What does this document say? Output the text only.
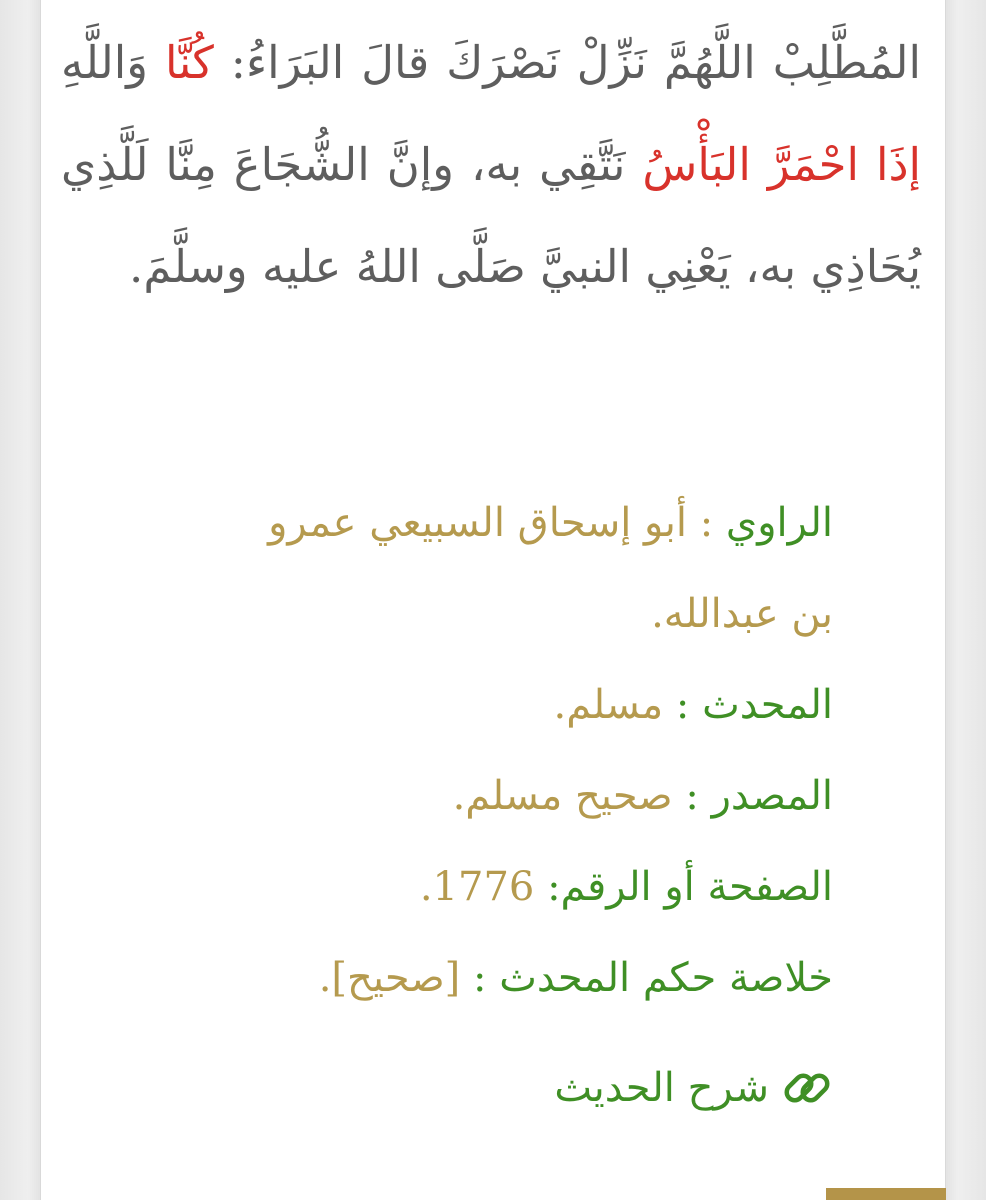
المُطَّلِبْ اللَّهُمَّ نَزِّلْ نَصْرَكَ قالَ البَرَاءُ: كُنَّا وَاللَّهِ إذَا احْمَرَّ البَأْسُ نَتَّقِي به، وإنَّ الشُّجَاعَ مِنَّا لَلَّذِي يُحَاذِي به، يَعْنِي النبيَّ صَلَّى اللهُ عليه وسلَّمَ.
الراوي : أبو إسحاق السبيعي عمرو
بن عبدالله.
المحدث : مسلم.
المصدر : صحيح مسلم.
الصفحة أو الرقم: 1776.
خلاصة حكم المحدث : [صحيح].
شرح الحديث
